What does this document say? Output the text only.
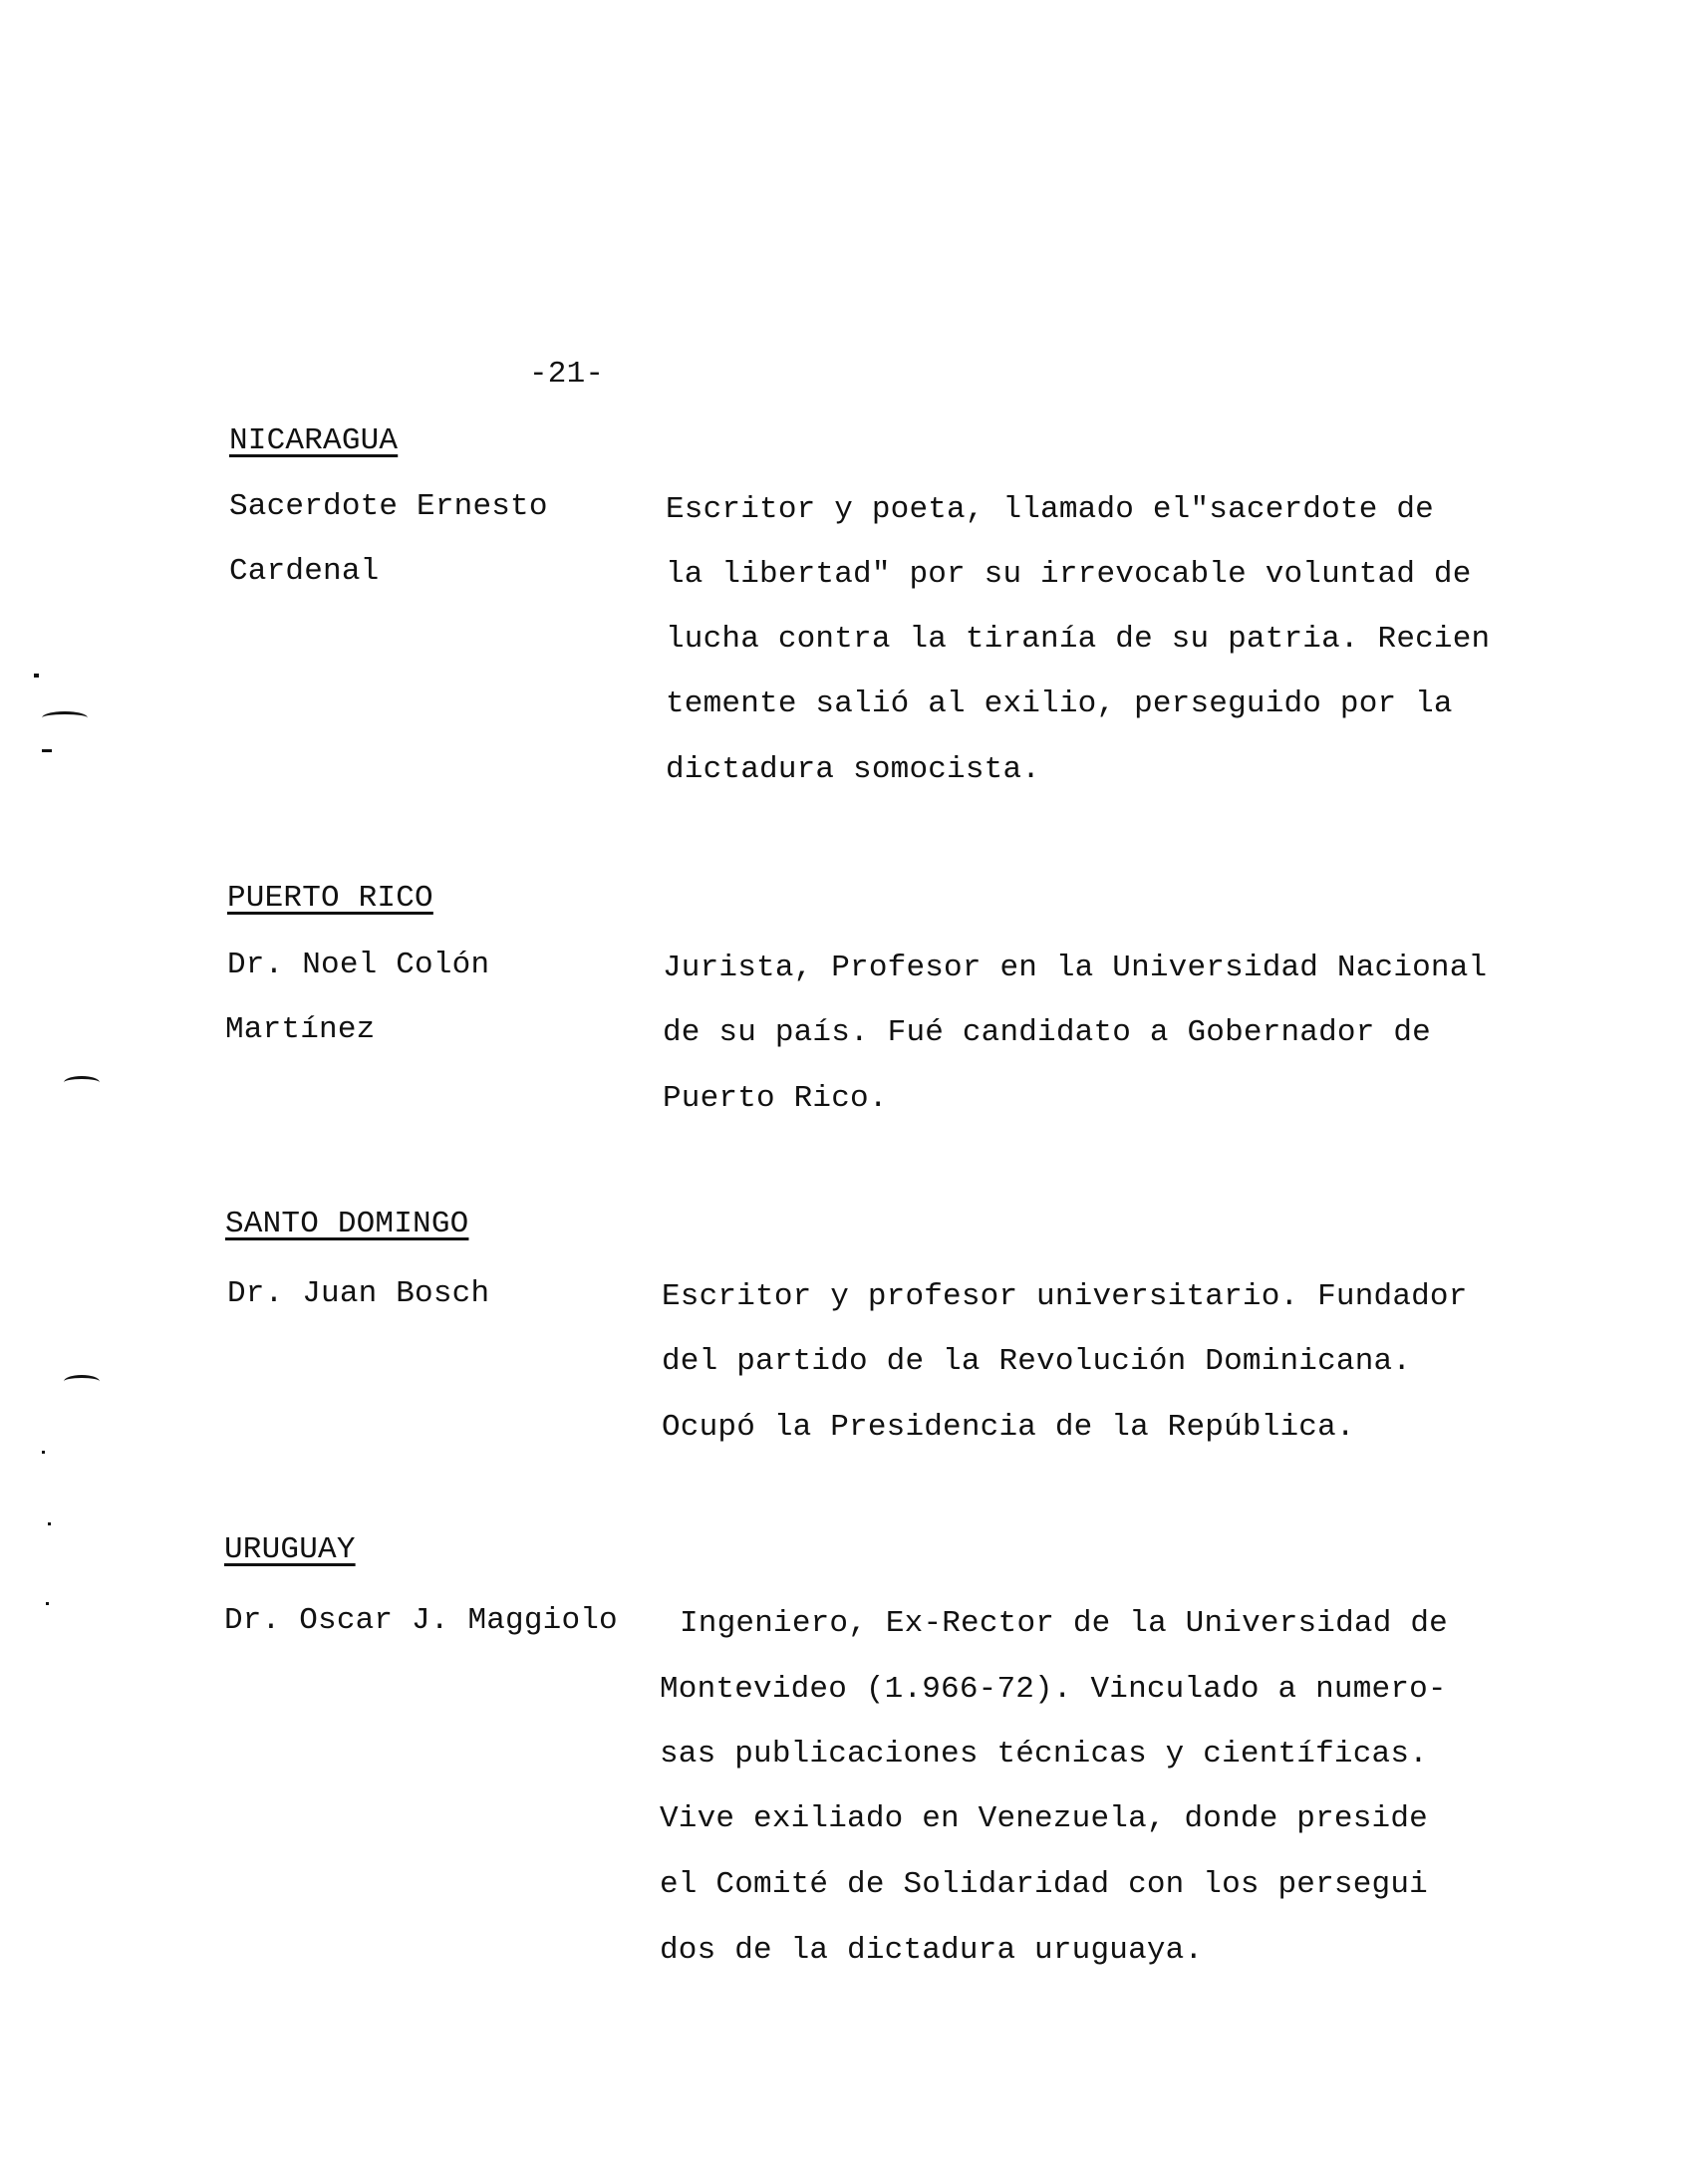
-21-
NICARAGUA
Sacerdote Ernesto
Cardenal
Escritor y poeta, llamado el"sacerdote de
la libertad" por su irrevocable voluntad de
lucha contra la tiranía de su patria. Recien
temente salió al exilio, perseguido por la
dictadura somocista.
PUERTO RICO
Dr. Noel Colón
Martínez
Jurista, Profesor en la Universidad Nacional
de su país. Fué candidato a Gobernador de
Puerto Rico.
SANTO DOMINGO
Dr. Juan Bosch	Escritor y profesor universitario. Fundador
del partido de la Revolución Dominicana.
Ocupó la Presidencia de la República.
URUGUAY
Dr. Oscar J. Maggiolo Ingeniero, Ex-Rector de la Universidad de
Montevideo (1.966-72). Vinculado a numero-
sas publicaciones técnicas y científicas.
Vive exiliado en Venezuela, donde preside
el Comité de Solidaridad con los persegui
dos de la dictadura uruguaya.
